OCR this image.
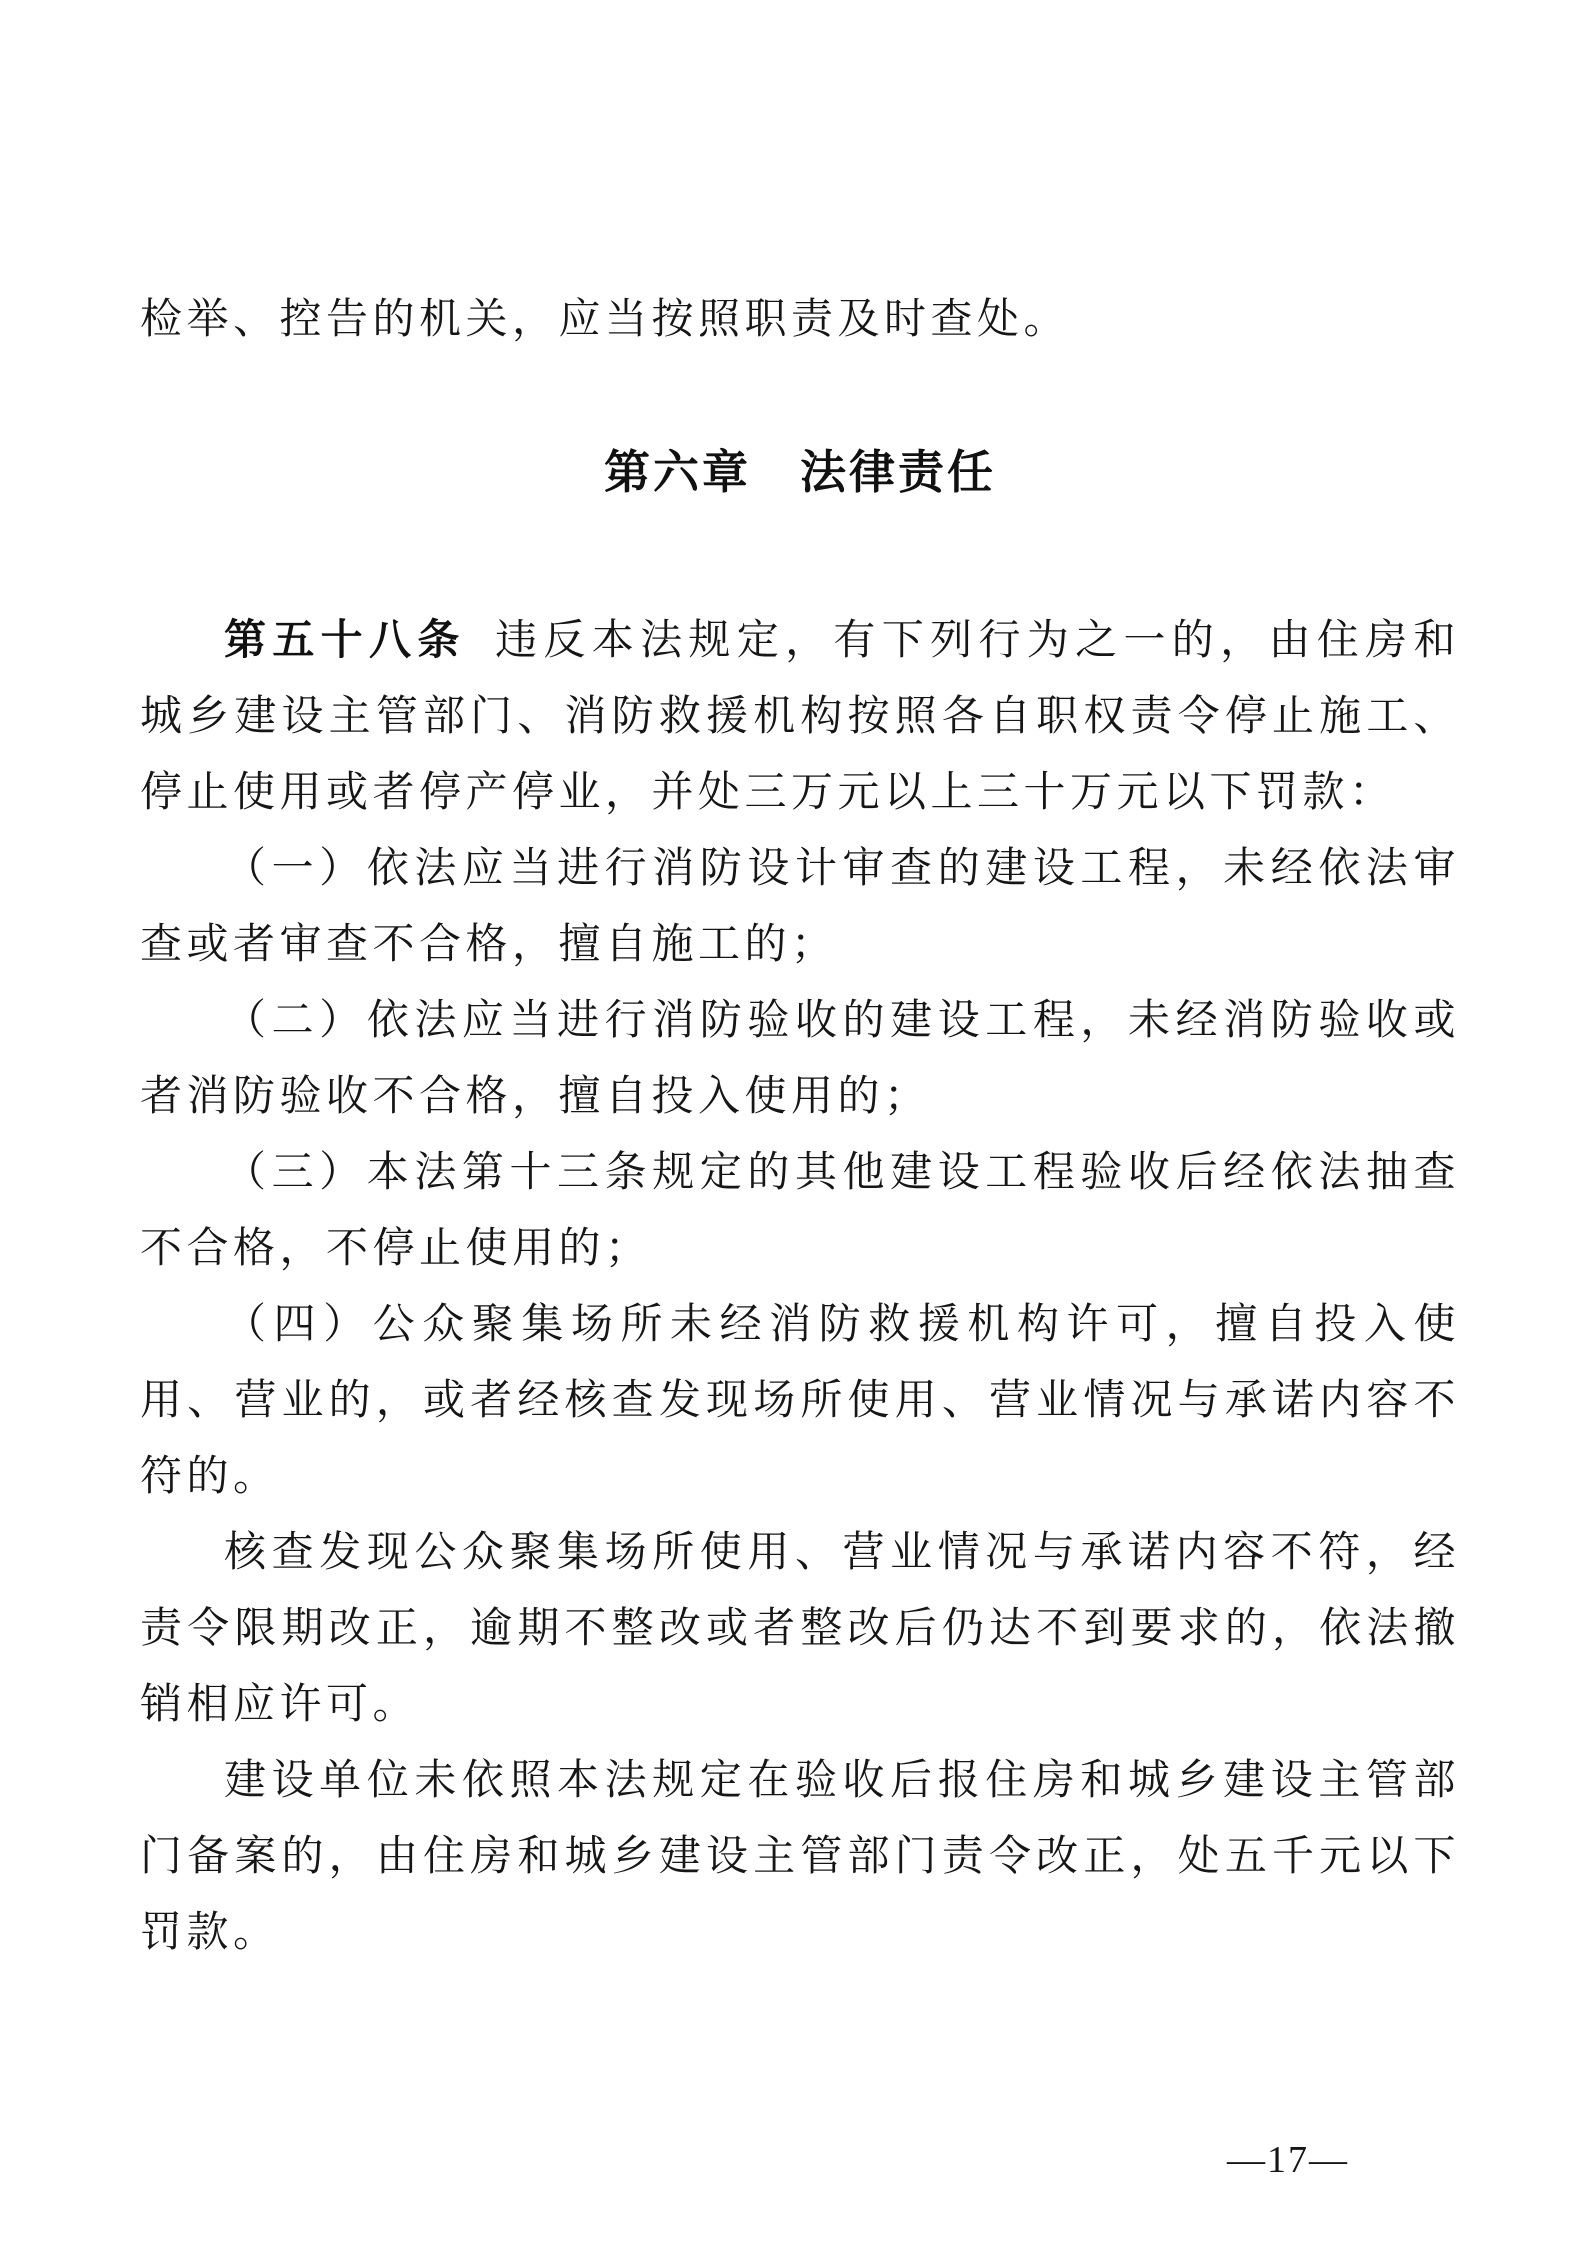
检举、控告的机关，应当按照职责及时查处。

第六章　法律责任

第五十八条 违反本法规定，有下列行为之一的，由住房和城乡建设主管部门、消防救援机构按照各自职权责令停止施工、停止使用或者停产停业，并处三万元以上三十万元以下罚款：

（一）依法应当进行消防设计审查的建设工程，未经依法审查或者审查不合格，擅自施工的；

（二）依法应当进行消防验收的建设工程，未经消防验收或者消防验收不合格，擅自投入使用的；

（三）本法第十三条规定的其他建设工程验收后经依法抽查不合格，不停止使用的；

（四）公众聚集场所未经消防救援机构许可，擅自投入使用、营业的，或者经核查发现场所使用、营业情况与承诺内容不符的。

核查发现公众聚集场所使用、营业情况与承诺内容不符，经责令限期改正，逾期不整改或者整改后仍达不到要求的，依法撤销相应许可。

建设单位未依照本法规定在验收后报住房和城乡建设主管部门备案的，由住房和城乡建设主管部门责令改正，处五千元以下罚款。

—17—
